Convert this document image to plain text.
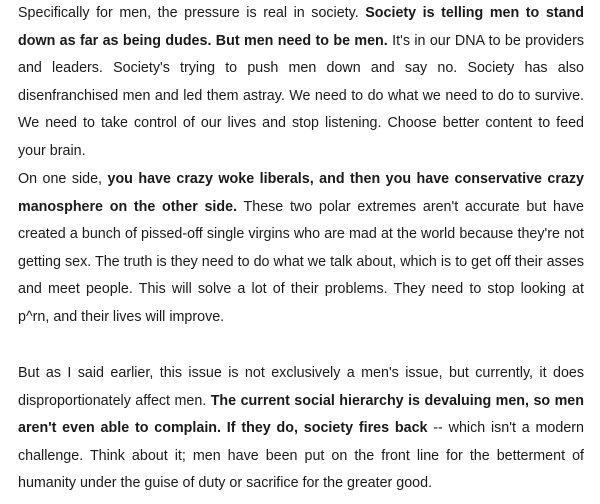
Specifically for men, the pressure is real in society. Society is telling men to stand down as far as being dudes. But men need to be men. It's in our DNA to be providers and leaders. Society's trying to push men down and say no. Society has also disenfranchised men and led them astray. We need to do what we need to do to survive. We need to take control of our lives and stop listening. Choose better content to feed your brain.

On one side, you have crazy woke liberals, and then you have conservative crazy manosphere on the other side. These two polar extremes aren't accurate but have created a bunch of pissed-off single virgins who are mad at the world because they're not getting sex. The truth is they need to do what we talk about, which is to get off their asses and meet people. This will solve a lot of their problems. They need to stop looking at p^rn, and their lives will improve.

But as I said earlier, this issue is not exclusively a men's issue, but currently, it does disproportionately affect men. The current social hierarchy is devaluing men, so men aren't even able to complain. If they do, society fires back -- which isn't a modern challenge. Think about it; men have been put on the front line for the betterment of humanity under the guise of duty or sacrifice for the greater good.
